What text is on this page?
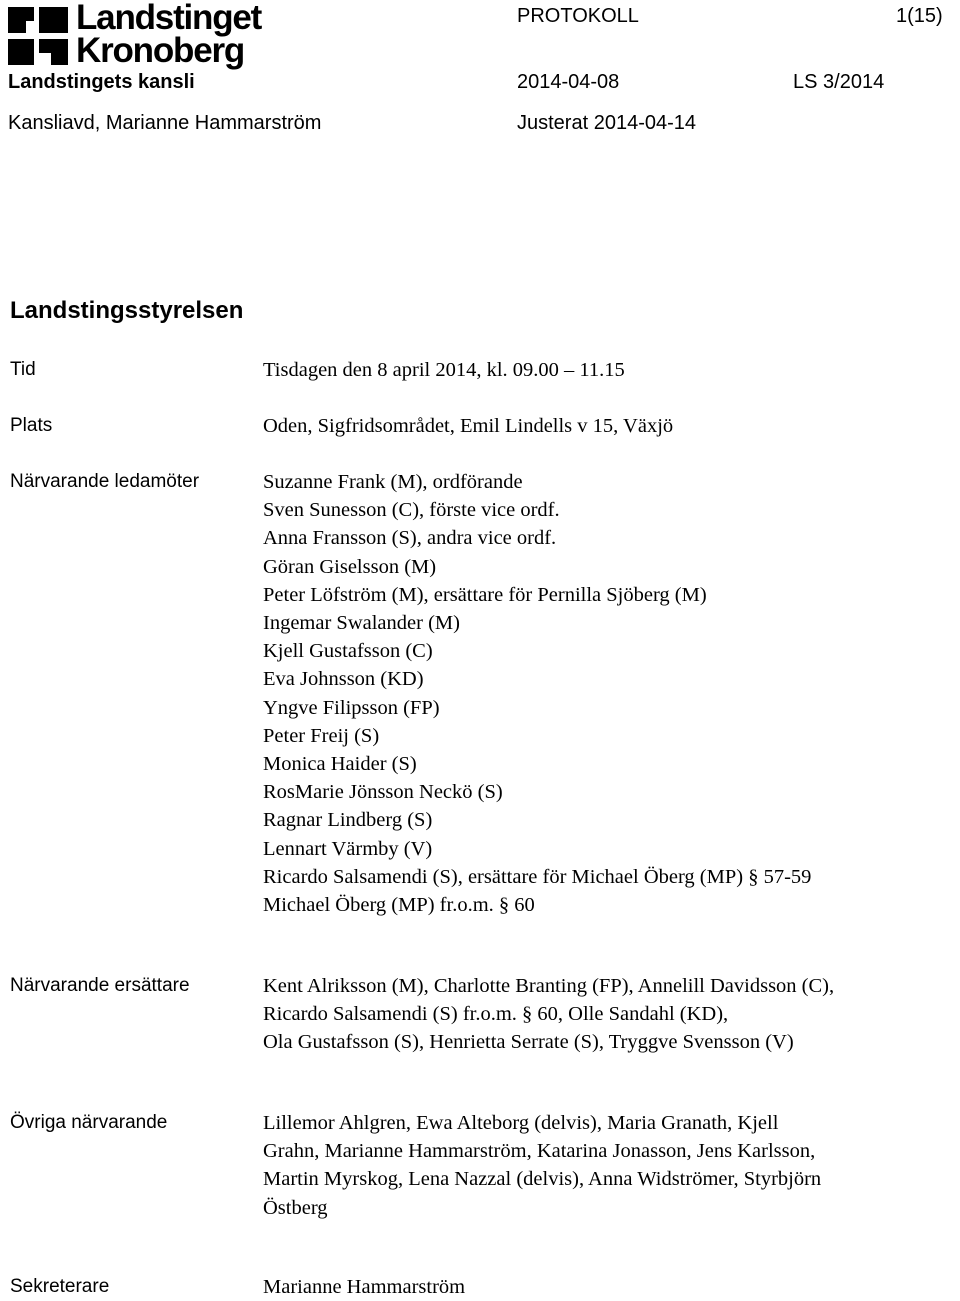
Landstinget
Kronoberg
PROTOKOLL	1(15)
Landstingets kansli	2014-04-08	LS 3/2014
Kansliavd, Marianne Hammarström	Justerat 2014-04-14
Landstingsstyrelsen
Tid	Tisdagen den 8 april 2014, kl. 09.00 – 11.15
Plats	Oden, Sigfridsområdet, Emil Lindells v 15, Växjö
Närvarande ledamöter	Suzanne Frank (M), ordförande
Sven Sunesson (C), förste vice ordf.
Anna Fransson (S), andra vice ordf.
Göran Giselsson (M)
Peter Löfström (M), ersättare för Pernilla Sjöberg (M)
Ingemar Swalander (M)
Kjell Gustafsson (C)
Eva Johnsson (KD)
Yngve Filipsson (FP)
Peter Freij (S)
Monica Haider (S)
RosMarie Jönsson Neckö (S)
Ragnar Lindberg (S)
Lennart Värmby (V)
Ricardo Salsamendi (S), ersättare för Michael Öberg (MP) § 57-59
Michael Öberg (MP) fr.o.m. § 60
Närvarande ersättare	Kent Alriksson (M), Charlotte Branting (FP), Annelill Davidsson (C),
Ricardo Salsamendi (S) fr.o.m. § 60, Olle Sandahl (KD),
Ola Gustafsson (S), Henrietta Serrate (S), Tryggve Svensson (V)
Övriga närvarande	Lillemor Ahlgren, Ewa Alteborg (delvis), Maria Granath, Kjell
Grahn, Marianne Hammarström, Katarina Jonasson, Jens Karlsson,
Martin Myrskog, Lena Nazzal (delvis), Anna Widströmer, Styrbjörn
Östberg
Sekreterare	Marianne Hammarström
